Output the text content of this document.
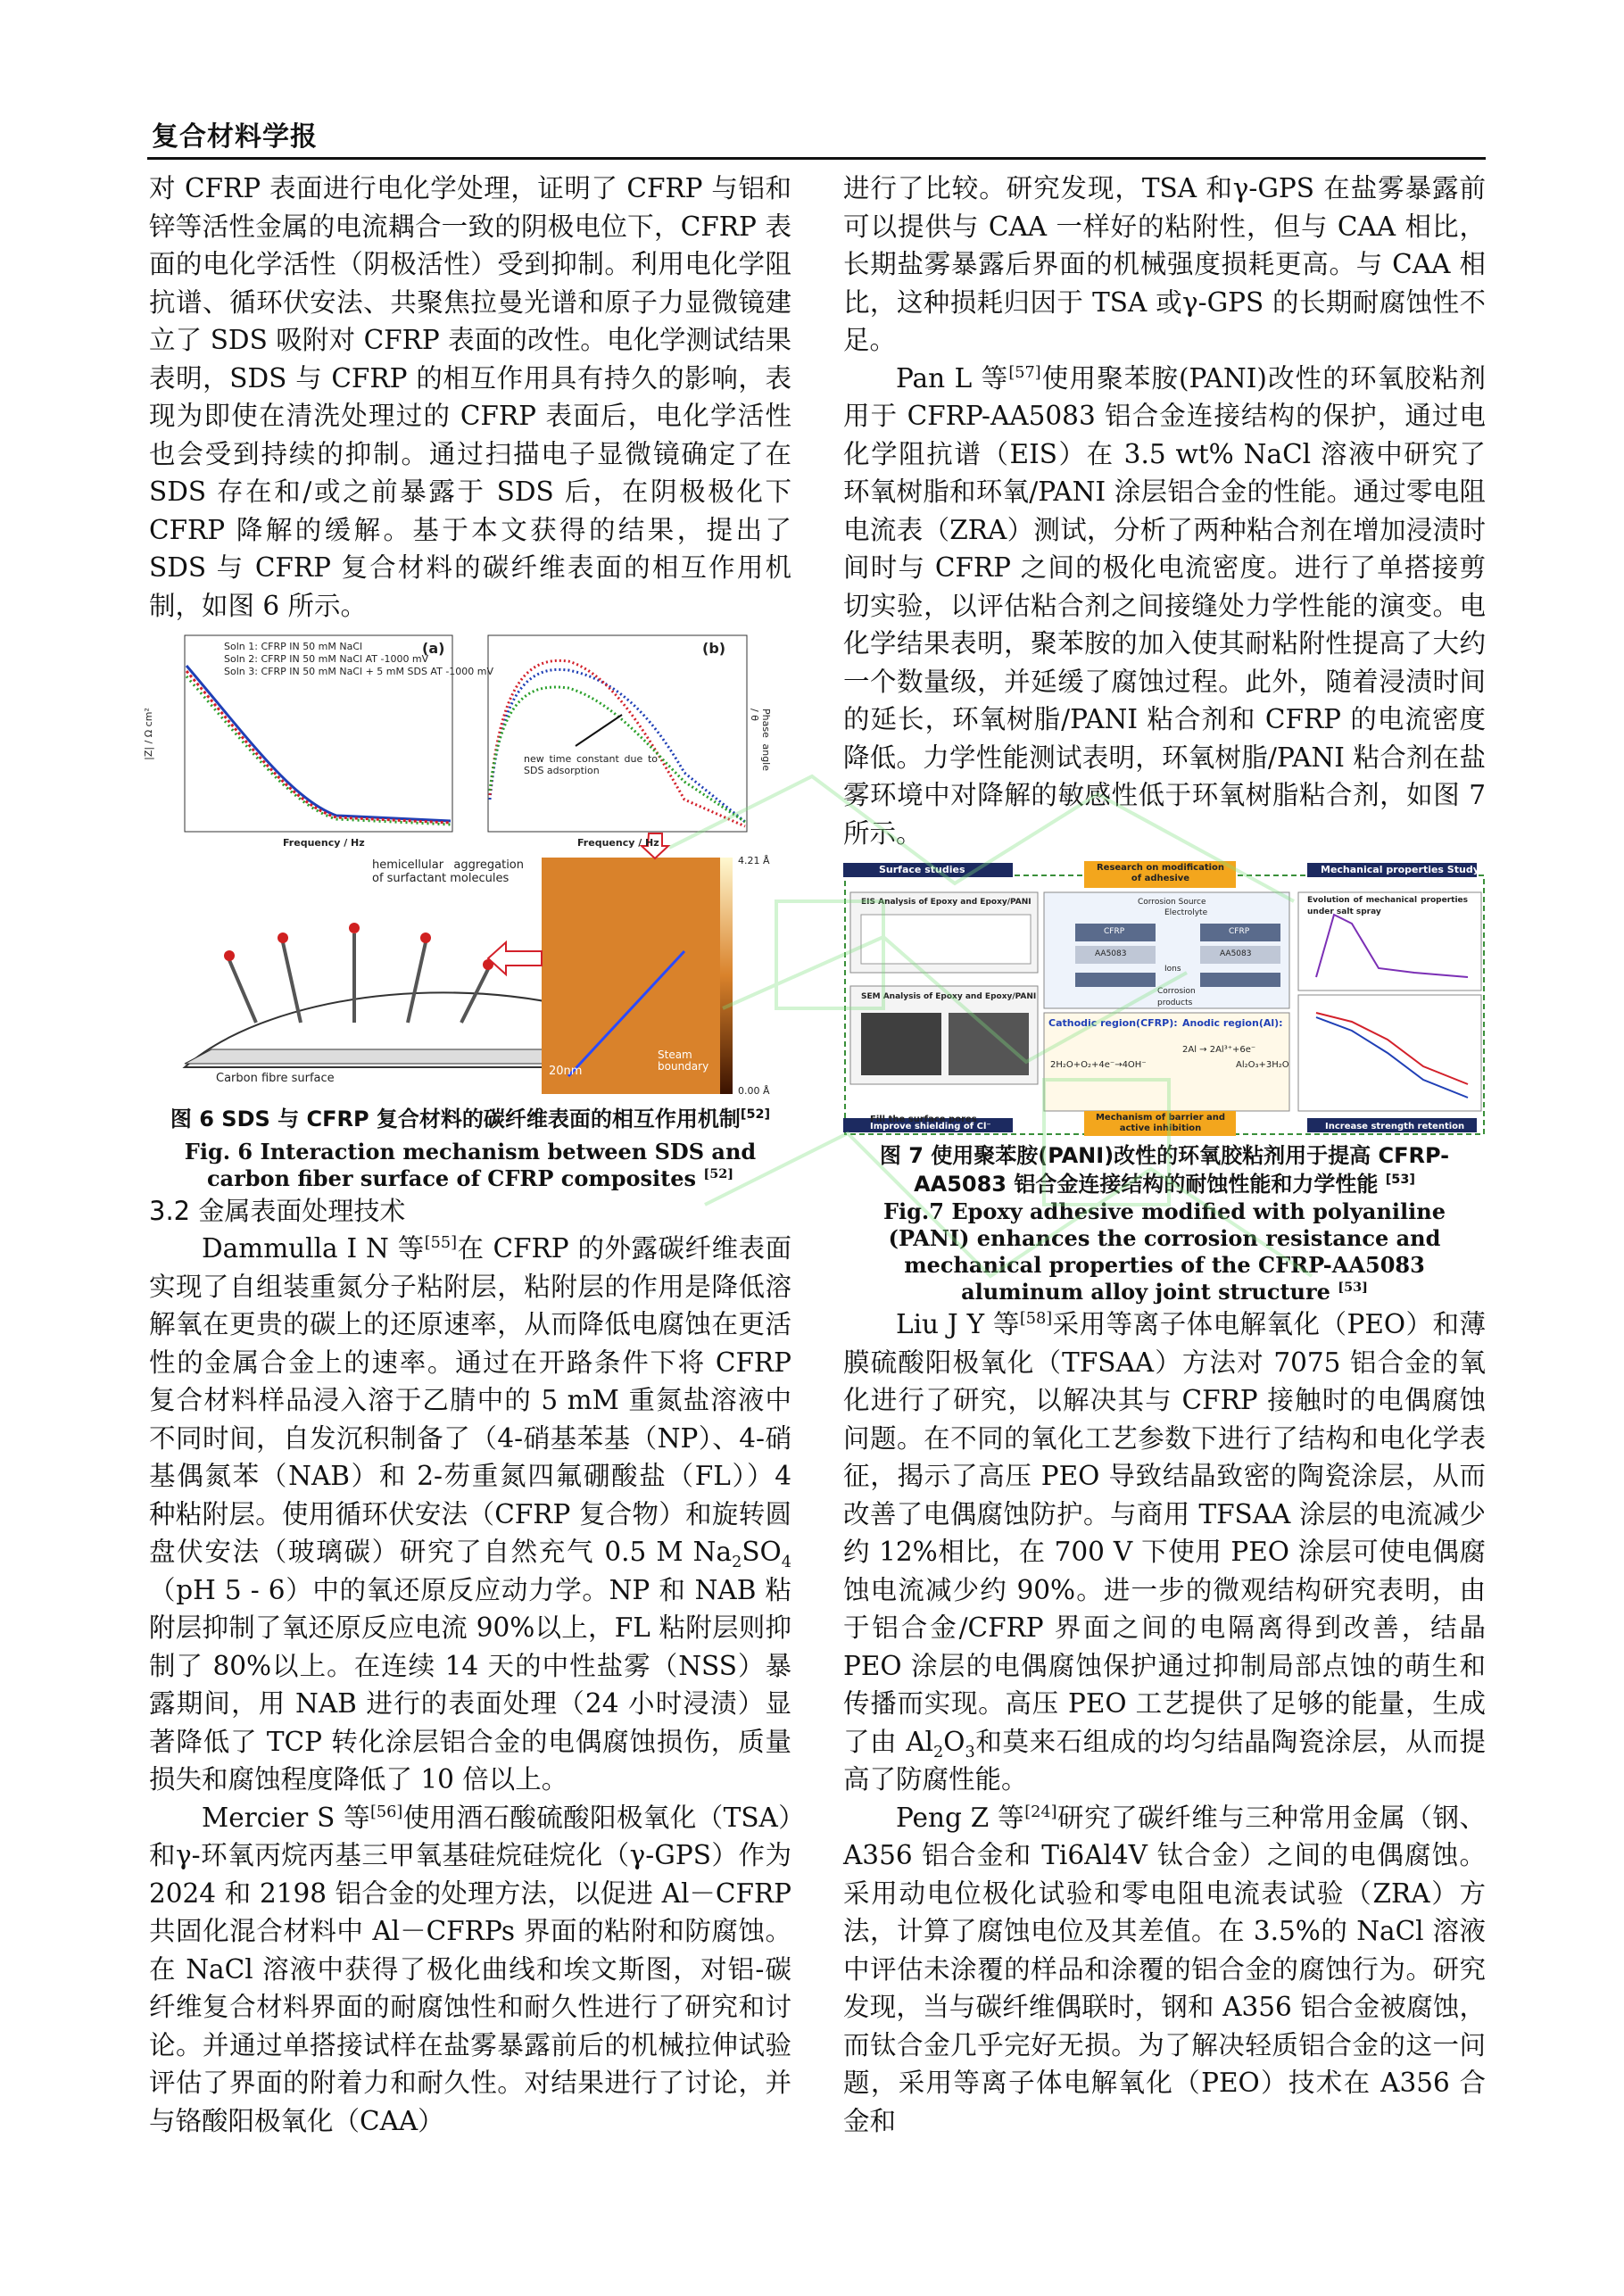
复合材料学报

对 CFRP 表面进行电化学处理，证明了 CFRP 与铝和锌等活性金属的电流耦合一致的阴极电位下，CFRP 表面的电化学活性（阴极活性）受到抑制。利用电化学阻抗谱、循环伏安法、共聚焦拉曼光谱和原子力显微镜建立了 SDS 吸附对 CFRP 表面的改性。电化学测试结果表明，SDS 与 CFRP 的相互作用具有持久的影响，表现为即使在清洗处理过的 CFRP 表面后，电化学活性也会受到持续的抑制。通过扫描电子显微镜确定了在 SDS 存在和/或之前暴露于 SDS 后，在阴极极化下 CFRP 降解的缓解。基于本文获得的结果，提出了 SDS 与 CFRP 复合材料的碳纤维表面的相互作用机制，如图 6 所示。

Soln 1: CFRP IN 50 mM NaCl
Soln 2: CFRP IN 50 mM NaCl AT -1000 mV
Soln 3: CFRP IN 50 mM NaCl + 5 mM SDS AT -1000 mV
(a)	(b)
|Z| / Ω cm²	Phase angle / θ
Frequency / Hz	Frequency / Hz
new time constant due to SDS adsorption
hemicellular aggregation of surfactant molecules
Carbon fibre surface
4.21 Å
0.00 Å
20nm
Steam boundary
图 6 SDS 与 CFRP 复合材料的碳纤维表面的相互作用机制[52]
Fig. 6 Interaction mechanism between SDS and carbon fiber surface of CFRP composites [52]

3.2 金属表面处理技术

Dammulla I N 等[55]在 CFRP 的外露碳纤维表面实现了自组装重氮分子粘附层，粘附层的作用是降低溶解氧在更贵的碳上的还原速率，从而降低电腐蚀在更活性的金属合金上的速率。通过在开路条件下将 CFRP 复合材料样品浸入溶于乙腈中的 5 mM 重氮盐溶液中不同时间，自发沉积制备了（4-硝基苯基（NP）、4-硝基偶氮苯（NAB）和 2-芴重氮四氟硼酸盐（FL））4 种粘附层。使用循环伏安法（CFRP 复合物）和旋转圆盘伏安法（玻璃碳）研究了自然充气 0.5 M $Na_2SO_4(pH$ 5 - 6）中的氧还原反应动力学。NP 和 NAB 粘附层抑制了氧还原反应电流 90%以上，FL 粘附层则抑制了 80%以上。在连续 14 天的中性盐雾（NSS）暴露期间，用 NAB 进行的表面处理（24 小时浸渍）显著降低了 TCP 转化涂层铝合金的电偶腐蚀损伤，质量损失和腐蚀程度降低了 10 倍以上。

Mercier S 等[56]使用酒石酸硫酸阳极氧化（TSA）和γ-环氧丙烷丙基三甲氧基硅烷硅烷化（γ-GPS）作为 2024 和 2198 铝合金的处理方法，以促进 Al－CFRP 共固化混合材料中 Al－CFRPs 界面的粘附和防腐蚀。在 NaCl 溶液中获得了极化曲线和埃文斯图，对铝-碳纤维复合材料界面的耐腐蚀性和耐久性进行了研究和讨论。并通过单搭接试样在盐雾暴露前后的机械拉伸试验评估了界面的附着力和耐久性。对结果进行了讨论，并与铬酸阳极氧化（CAA）

进行了比较。研究发现，TSA 和γ-GPS 在盐雾暴露前可以提供与 CAA 一样好的粘附性，但与 CAA 相比，长期盐雾暴露后界面的机械强度损耗更高。与 CAA 相比，这种损耗归因于 TSA 或γ-GPS 的长期耐腐蚀性不足。

Pan L 等[57]使用聚苯胺(PANI)改性的环氧胶粘剂用于 CFRP-AA5083 铝合金连接结构的保护，通过电化学阻抗谱（EIS）在 3.5 wt% NaCl 溶液中研究了环氧树脂和环氧/PANI 涂层铝合金的性能。通过零电阻电流表（ZRA）测试，分析了两种粘合剂在增加浸渍时间时与 CFRP 之间的极化电流密度。进行了单搭接剪切实验，以评估粘合剂之间接缝处力学性能的演变。电化学结果表明，聚苯胺的加入使其耐粘附性提高了大约一个数量级，并延缓了腐蚀过程。此外，随着浸渍时间的延长，环氧树脂/PANI 粘合剂和 CFRP 的电流密度降低。力学性能测试表明，环氧树脂/PANI 粘合剂在盐雾环境中对降解的敏感性低于环氧树脂粘合剂，如图 7 所示。

Surface studies	Research on modification of adhesive
Mechanical properties Study
EIS Analysis of Epoxy and Epoxy/PANI
SEM Analysis of Epoxy and Epoxy/PANI
CFRP
AA5083
CFRP
AA5083
Corrosion Source
Electrolyte
Ions
Corrosion products
Evolution of mechanical properties under salt spray
Cathodic region(CFRP): Anodic region(Al):
2H₂O+O₂+4e⁻→4OH⁻
2Al → 2Al³⁺+6e⁻
Al₂O₃+3H₂O
Fill the surface pores
Improve shielding of Cl⁻
Mechanism of barrier and active inhibition	Increase strength retention
图 7 使用聚苯胺(PANI)改性的环氧胶粘剂用于提高 CFRP-AA5083 铝合金连接结构的耐蚀性能和力学性能 [53]
Fig.7 Epoxy adhesive modified with polyaniline (PANI) enhances the corrosion resistance and mechanical properties of the CFRP-AA5083 aluminum alloy joint structure [53]

Liu J Y 等[58]采用等离子体电解氧化（PEO）和薄膜硫酸阳极氧化（TFSAA）方法对 7075 铝合金的氧化进行了研究，以解决其与 CFRP 接触时的电偶腐蚀问题。在不同的氧化工艺参数下进行了结构和电化学表征，揭示了高压 PEO 导致结晶致密的陶瓷涂层，从而改善了电偶腐蚀防护。与商用 TFSAA 涂层的电流减少约 12%相比，在 700 V 下使用 PEO 涂层可使电偶腐蚀电流减少约 90%。进一步的微观结构研究表明，由于铝合金/CFRP 界面之间的电隔离得到改善，结晶 PEO 涂层的电偶腐蚀保护通过抑制局部点蚀的萌生和传播而实现。高压 PEO 工艺提供了足够的能量，生成了由 $Al_2O_3$和莫来石组成的均匀结晶陶瓷涂层，从而提高了防腐性能。

Peng Z 等[24]研究了碳纤维与三种常用金属（钢、A356 铝合金和 Ti6Al4V 钛合金）之间的电偶腐蚀。采用动电位极化试验和零电阻电流表试验（ZRA）方法，计算了腐蚀电位及其差值。在 3.5%的 NaCl 溶液中评估未涂覆的样品和涂覆的铝合金的腐蚀行为。研究发现，当与碳纤维偶联时，钢和 A356 铝合金被腐蚀，而钛合金几乎完好无损。为了解决轻质铝合金的这一问题，采用等离子体电解氧化（PEO）技术在 A356 合金和
